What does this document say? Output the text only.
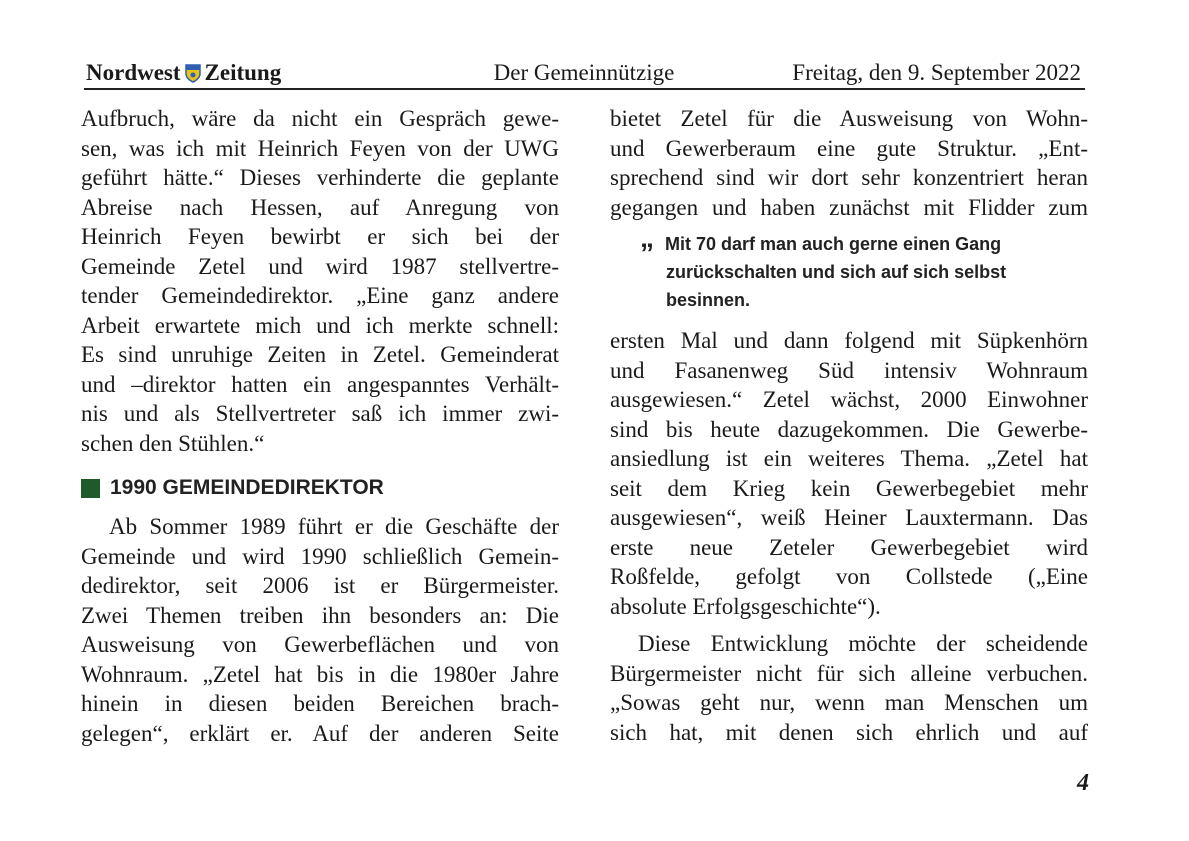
Nordwest Zeitung	Der Gemeinnützige	Freitag, den 9. September 2022
Aufbruch, wäre da nicht ein Gespräch gewe-
sen, was ich mit Heinrich Feyen von der UWG
geführt hätte.“ Dieses verhinderte die geplante
Abreise nach Hessen, auf Anregung von
Heinrich Feyen bewirbt er sich bei der
Gemeinde Zetel und wird 1987 stellvertre-
tender Gemeindedirektor. „Eine ganz andere
Arbeit erwartete mich und ich merkte schnell:
Es sind unruhige Zeiten in Zetel. Gemeinderat
und –direktor hatten ein angespanntes Verhält-
nis und als Stellvertreter saß ich immer zwi-
schen den Stühlen.“
1990 GEMEINDEDIREKTOR
Ab Sommer 1989 führt er die Geschäfte der
Gemeinde und wird 1990 schließlich Gemein-
dedirektor, seit 2006 ist er Bürgermeister.
Zwei Themen treiben ihn besonders an: Die
Ausweisung von Gewerbeflächen und von
Wohnraum. „Zetel hat bis in die 1980er Jahre
hinein in diesen beiden Bereichen brach-
gelegen“, erklärt er. Auf der anderen Seite
bietet Zetel für die Ausweisung von Wohn-
und Gewerberaum eine gute Struktur. „Ent-
sprechend sind wir dort sehr konzentriert heran
gegangen und haben zunächst mit Flidder zum
„ Mit 70 darf man auch gerne einen Gang
zurückschalten und sich auf sich selbst
besinnen.
ersten Mal und dann folgend mit Süpkenhörn
und Fasanenweg Süd intensiv Wohnraum
ausgewiesen.“ Zetel wächst, 2000 Einwohner
sind bis heute dazugekommen. Die Gewerbe-
ansiedlung ist ein weiteres Thema. „Zetel hat
seit dem Krieg kein Gewerbegebiet mehr
ausgewiesen“, weiß Heiner Lauxtermann. Das
erste neue Zeteler Gewerbegebiet wird
Roßfelde, gefolgt von Collstede („Eine
absolute Erfolgsgeschichte“).
Diese Entwicklung möchte der scheidende
Bürgermeister nicht für sich alleine verbuchen.
„Sowas geht nur, wenn man Menschen um
sich hat, mit denen sich ehrlich und auf
4
